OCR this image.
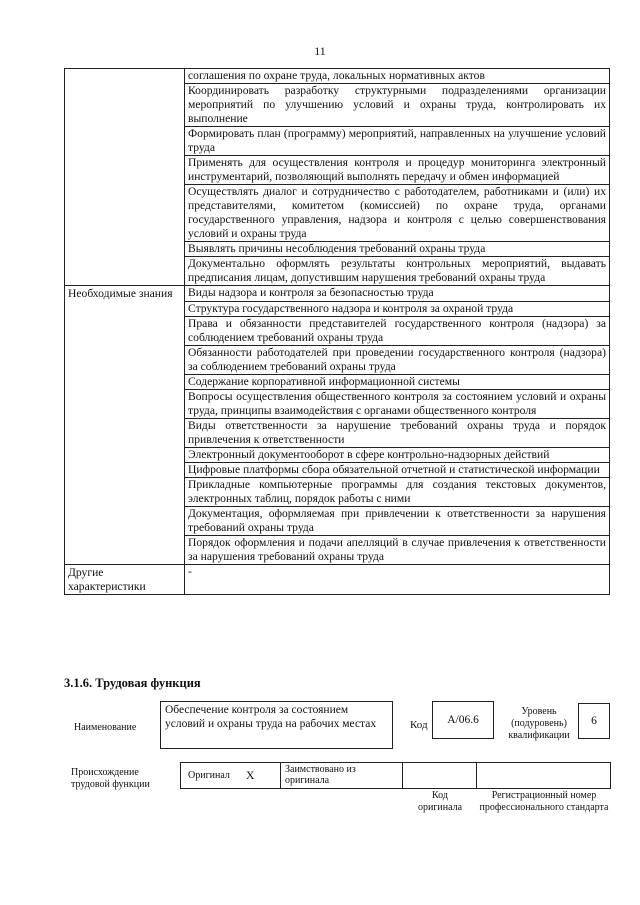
11
	соглашения по охране труда, локальных нормативных актов
	Координировать разработку структурными подразделениями организации мероприятий по улучшению условий и охраны труда, контролировать их выполнение
	Формировать план (программу) мероприятий, направленных на улучшение условий труда
	Применять для осуществления контроля и процедур мониторинга электронный инструментарий, позволяющий выполнять передачу и обмен информацией
	Осуществлять диалог и сотрудничество с работодателем, работниками и (или) их представителями, комитетом (комиссией) по охране труда, органами государственного управления, надзора и контроля с целью совершенствования условий и охраны труда
	Выявлять причины несоблюдения требований охраны труда
	Документально оформлять результаты контрольных мероприятий, выдавать предписания лицам, допустившим нарушения требований охраны труда
Необходимые знания	Виды надзора и контроля за безопасностью труда
	Структура государственного надзора и контроля за охраной труда
	Права и обязанности представителей государственного контроля (надзора) за соблюдением требований охраны труда
	Обязанности работодателей при проведении государственного контроля (надзора) за соблюдением требований охраны труда
	Содержание корпоративной информационной системы
	Вопросы осуществления общественного контроля за состоянием условий и охраны труда, принципы взаимодействия с органами общественного контроля
	Виды ответственности за нарушение требований охраны труда и порядок привлечения к ответственности
	Электронный документооборот в сфере контрольно-надзорных действий
	Цифровые платформы сбора обязательной отчетной и статистической информации
	Прикладные компьютерные программы для создания текстовых документов, электронных таблиц, порядок работы с ними
	Документация, оформляемая при привлечении к ответственности за нарушения требований охраны труда
	Порядок оформления и подачи апелляций в случае привлечения к ответственности за нарушения требований охраны труда
Другие характеристики	-
3.1.6. Трудовая функция
Наименование
Обеспечение контроля за состоянием условий и охраны труда на рабочих местах	Код	A/06.6
Уровень (подуровень) квалификации
6
Происхождение трудовой функции
Оригинал X	Заимствовано из оригинала
Код оригинала
Регистрационный номер профессионального стандарта
